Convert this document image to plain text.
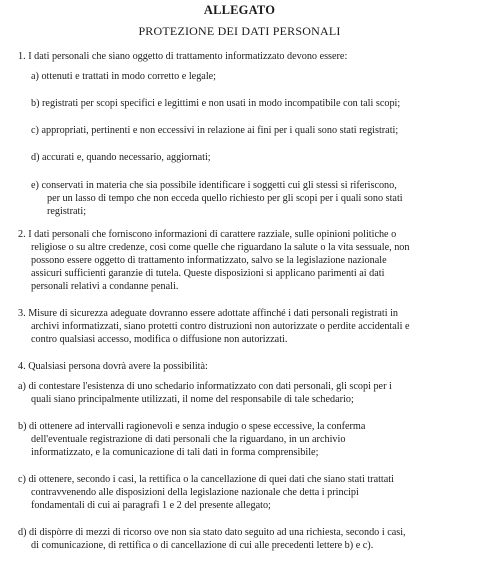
ALLEGATO
PROTEZIONE DEI DATI PERSONALI
1. I dati personali che siano oggetto di trattamento informatizzato devono essere:
a) ottenuti e trattati in modo corretto e legale;
b) registrati per scopi specifici e legittimi e non usati in modo incompatibile con tali scopi;
c) appropriati, pertinenti e non eccessivi in relazione ai fini per i quali sono stati registrati;
d) accurati e, quando necessario, aggiornati;
e) conservati in materia che sia possibile identificare i soggetti cui gli stessi si riferiscono,
per un lasso di tempo che non ecceda quello richiesto per gli scopi per i quali sono stati
registrati;
2. I dati personali che forniscono informazioni di carattere razziale, sulle opinioni politiche o
religiose o su altre credenze, così come quelle che riguardano la salute o la vita sessuale, non
possono essere oggetto di trattamento informatizzato, salvo se la legislazione nazionale
assicuri sufficienti garanzie di tutela. Queste disposizioni si applicano parimenti ai dati
personali relativi a condanne penali.
3. Misure di sicurezza adeguate dovranno essere adottate affinché i dati personali registrati in
archivi informatizzati, siano protetti contro distruzioni non autorizzate o perdite accidentali e
contro qualsiasi accesso, modifica o diffusione non autorizzati.
4. Qualsiasi persona dovrà avere la possibilità:
a) di contestare l'esistenza di uno schedario informatizzato con dati personali, gli scopi per i
quali siano principalmente utilizzati, il nome del responsabile di tale schedario;
b) di ottenere ad intervalli ragionevoli e senza indugio o spese eccessive, la conferma
dell'eventuale registrazione di dati personali che la riguardano, in un archivio
informatizzato, e la comunicazione di tali dati in forma comprensibile;
c) di ottenere, secondo i casi, la rettifica o la cancellazione di quei dati che siano stati trattati
contravvenendo alle disposizioni della legislazione nazionale che detta i principi
fondamentali di cui ai paragrafi 1 e 2 del presente allegato;
d) di dispòrre di mezzi di ricorso ove non sia stato dato seguito ad una richiesta, secondo i casi,
di comunicazione, di rettifica o di cancellazione di cui alle precedenti lettere b) e c).
